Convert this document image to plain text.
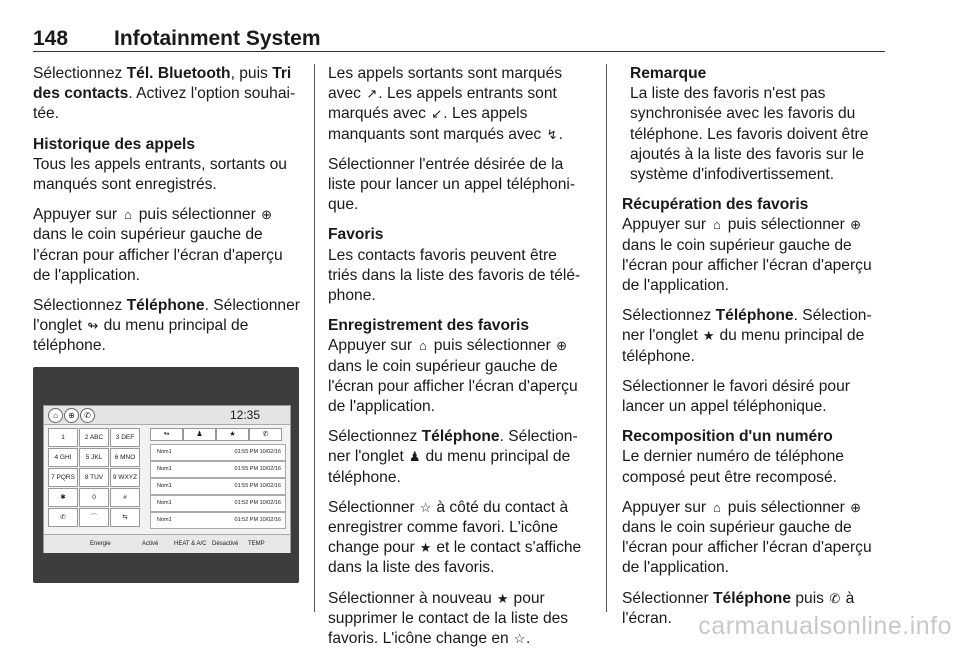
148 Infotainment System

Sélectionnez Tél. Bluetooth, puis Tri des contacts. Activez l'option souhaitée.

Historique des appels

Tous les appels entrants, sortants ou manqués sont enregistrés.

Appuyer sur ⌂ puis sélectionner ⊕ dans le coin supérieur gauche de l'écran pour afficher l'écran d'aperçu de l'application.

Sélectionnez Téléphone. Sélectionner l'onglet ↬ du menu principal de téléphone.

⌂	⊕	✆	12:35
1	2 ABC	3 DEF
4 GHI	5 JKL	6 MNO
7 PQRS	8 TUV	9 WXYZ
✱	0	#
✆	⌒	⇆
↬	♟	★	✆
Nom1	01:55 PM 10/02/16
Nom1	01:55 PM 10/02/16
Nom1	01:55 PM 10/02/16
Nom1	01:52 PM 10/02/16
Nom1	01:52 PM 10/02/16
Energie	Activé	HEAT & A/C Désactivé TEMP

Les appels sortants sont marqués avec ↗. Les appels entrants sont marqués avec ↙. Les appels manquants sont marqués avec ↯.

Sélectionner l'entrée désirée de la liste pour lancer un appel téléphonique.

Favoris

Les contacts favoris peuvent être triés dans la liste des favoris de téléphone.

Enregistrement des favoris

Appuyer sur ⌂ puis sélectionner ⊕ dans le coin supérieur gauche de l'écran pour afficher l'écran d'aperçu de l'application.

Sélectionnez Téléphone. Sélectionner l'onglet ♟ du menu principal de téléphone.

Sélectionner ☆ à côté du contact à enregistrer comme favori. L'icône change pour ★ et le contact s'affiche dans la liste des favoris.

Sélectionner à nouveau ★ pour supprimer le contact de la liste des favoris. L'icône change en ☆.

Remarque

La liste des favoris n'est pas synchronisée avec les favoris du téléphone. Les favoris doivent être ajoutés à la liste des favoris sur le système d'infodivertissement.

Récupération des favoris

Appuyer sur ⌂ puis sélectionner ⊕ dans le coin supérieur gauche de l'écran pour afficher l'écran d'aperçu de l'application.

Sélectionnez Téléphone. Sélectionner l'onglet ★ du menu principal de téléphone.

Sélectionner le favori désiré pour lancer un appel téléphonique.

Recomposition d'un numéro

Le dernier numéro de téléphone composé peut être recomposé.

Appuyer sur ⌂ puis sélectionner ⊕ dans le coin supérieur gauche de l'écran pour afficher l'écran d'aperçu de l'application.

Sélectionner Téléphone puis ✆ à l'écran.	carmanualsonline.info
